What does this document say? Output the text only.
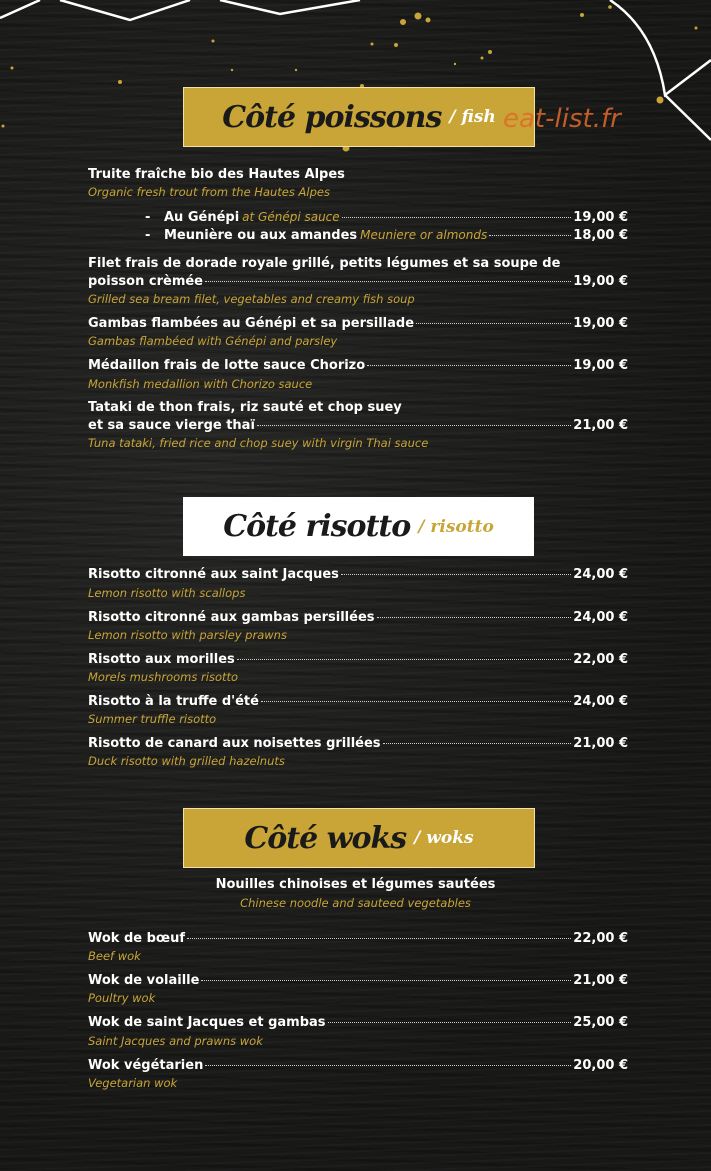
Côté poissons / fish eat-list.fr
Truite fraîche bio des Hautes Alpes
Organic fresh trout from the Hautes Alpes
-   Au Génépi at Génépi sauce	19,00 €
-   Meunière ou aux amandes Meuniere or almonds	18,00 €
Filet frais de dorade royale grillé, petits légumes et sa soupe de
poisson crèmée	19,00 €
Grilled sea bream filet, vegetables and creamy fish soup
Gambas flambées au Génépi et sa persillade	19,00 €
Gambas flambéed with Génépi and parsley
Médaillon frais de lotte sauce Chorizo	19,00 €
Monkfish medallion with Chorizo sauce
Tataki de thon frais, riz sauté et chop suey
et sa sauce vierge thaï	21,00 €
Tuna tataki, fried rice and chop suey with virgin Thai sauce
Côté risotto / risotto
Risotto citronné aux saint Jacques	24,00 €
Lemon risotto with scallops
Risotto citronné aux gambas persillées	24,00 €
Lemon risotto with parsley prawns
Risotto aux morilles	22,00 €
Morels mushrooms risotto
Risotto à la truffe d'été	24,00 €
Summer truffle risotto
Risotto de canard aux noisettes grillées	21,00 €
Duck risotto with grilled hazelnuts
Côté woks / woks
Nouilles chinoises et légumes sautées
Chinese noodle and sauteed vegetables
Wok de bœuf	22,00 €
Beef wok
Wok de volaille	21,00 €
Poultry wok
Wok de saint Jacques et gambas	25,00 €
Saint Jacques and prawns wok
Wok végétarien	20,00 €
Vegetarian wok
